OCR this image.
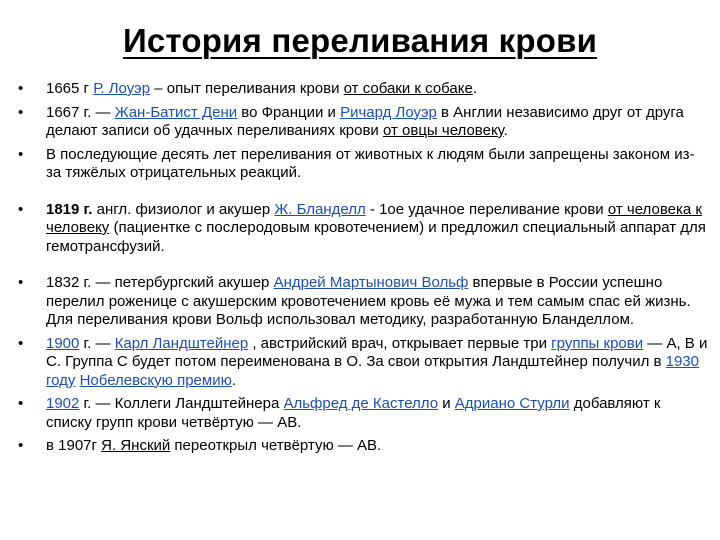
История переливания крови
• 1665 г Р. Лоуэр – опыт переливания крови от собаки к собаке.
• 1667 г. — Жан-Батист Дени во Франции и Ричард Лоуэр в Англии независимо друг от друга делают записи об удачных переливаниях крови от овцы человеку.
• В последующие десять лет переливания от животных к людям были запрещены законом из-за тяжёлых отрицательных реакций.
• 1819 г. англ. физиолог и акушер Ж. Бланделл - 1ое удачное переливание крови от человека к человеку (пациентке с послеродовым кровотечением) и предложил специальный аппарат для гемотрансфузий.
• 1832 г. — петербургский акушер Андрей Мартынович Вольф впервые в России успешно перелил роженице с акушерским кровотечением кровь её мужа и тем самым спас ей жизнь. Для переливания крови Вольф использовал методику, разработанную Бланделлом.
• 1900 г. — Карл Ландштейнер , австрийский врач, открывает первые три группы крови — А, В и С. Группа С будет потом переименована в О. За свои открытия Ландштейнер получил в 1930 году Нобелевскую премию.
• 1902 г. — Коллеги Ландштейнера Альфред де Кастелло и Адриано Стурли добавляют к списку групп крови четвёртую — AB.
• в 1907г Я. Янский переоткрыл четвёртую — АВ.
